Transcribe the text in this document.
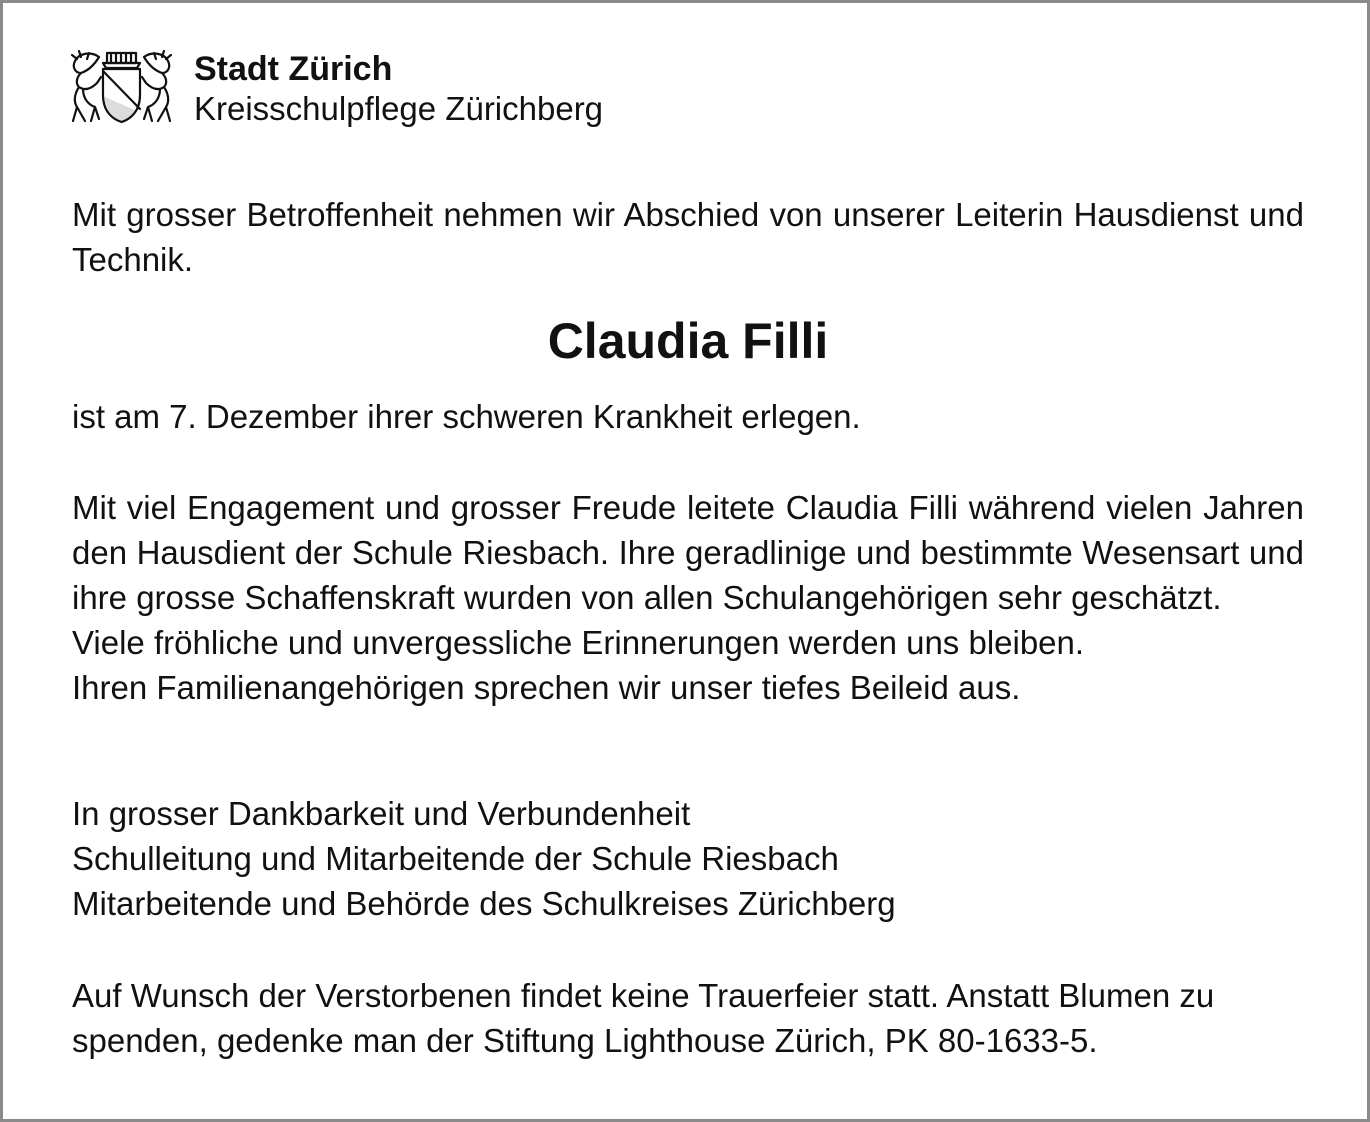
Stadt Zürich
Kreisschulpflege Zürichberg
Mit grosser Betroffenheit nehmen wir Abschied von unserer Leiterin Hausdienst und Technik.
Claudia Filli
ist am 7. Dezember ihrer schweren Krankheit erlegen.

Mit viel Engagement und grosser Freude leitete Claudia Filli während vielen Jahren den Hausdient der Schule Riesbach. Ihre geradlinige und bestimmte Wesensart und ihre grosse Schaffenskraft wurden von allen Schulangehörigen sehr geschätzt.

Viele fröhliche und unvergessliche Erinnerungen werden uns bleiben.

Ihren Familienangehörigen sprechen wir unser tiefes Beileid aus.

In grosser Dankbarkeit und Verbundenheit

Schulleitung und Mitarbeitende der Schule Riesbach

Mitarbeitende und Behörde des Schulkreises Zürichberg

Auf Wunsch der Verstorbenen findet keine Trauerfeier statt. Anstatt Blumen zu spenden, gedenke man der Stiftung Lighthouse Zürich, PK 80-1633-5.
